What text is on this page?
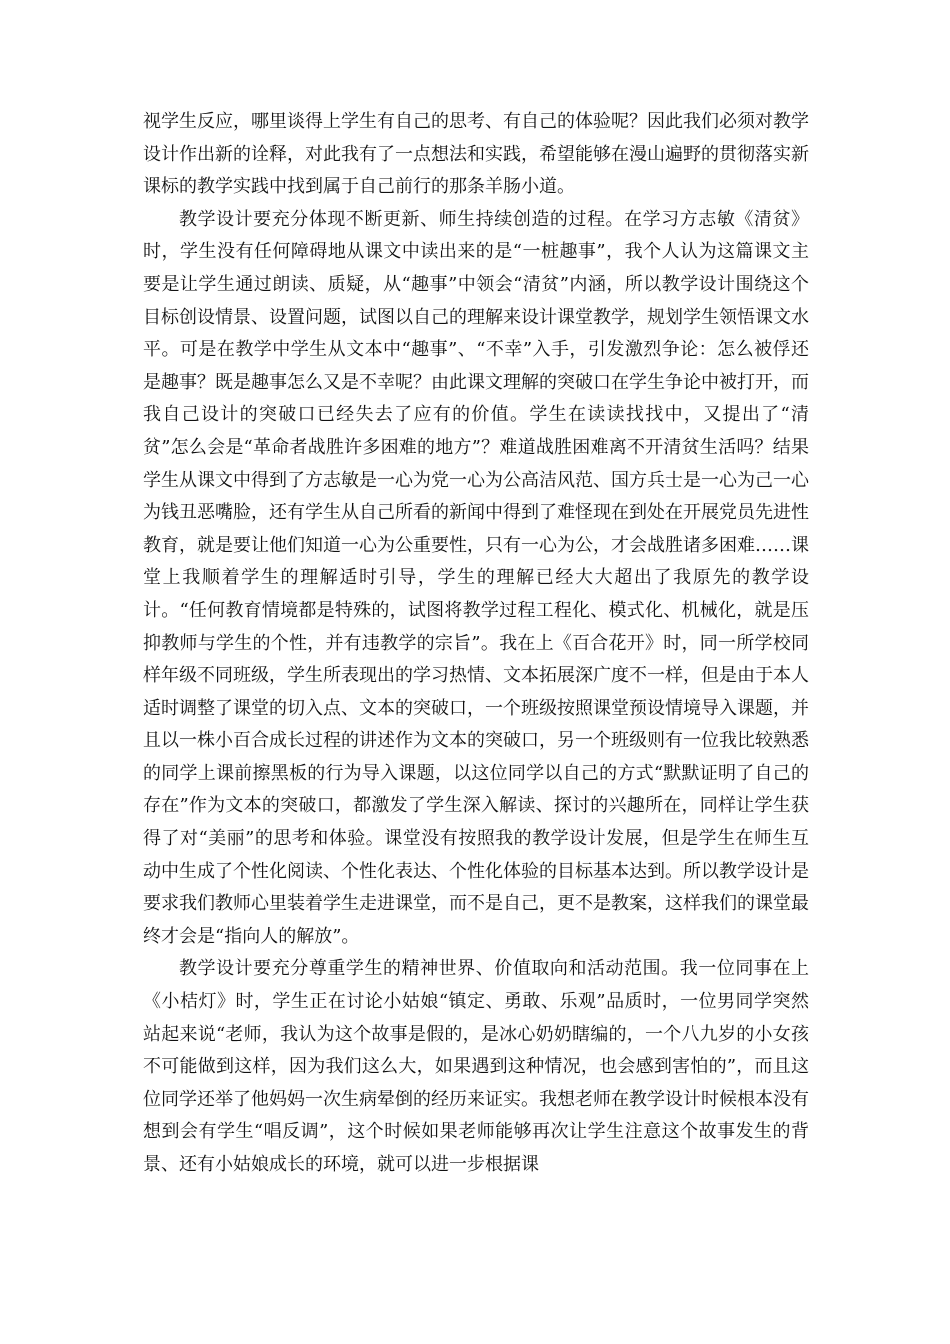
视学生反应，哪里谈得上学生有自己的思考、有自己的体验呢？因此我们必须对教学设计作出新的诠释，对此我有了一点想法和实践，希望能够在漫山遍野的贯彻落实新课标的教学实践中找到属于自己前行的那条羊肠小道。

教学设计要充分体现不断更新、师生持续创造的过程。在学习方志敏《清贫》时，学生没有任何障碍地从课文中读出来的是“一桩趣事”，我个人认为这篇课文主要是让学生通过朗读、质疑，从“趣事”中领会“清贫”内涵，所以教学设计围绕这个目标创设情景、设置问题，试图以自己的理解来设计课堂教学，规划学生领悟课文水平。可是在教学中学生从文本中“趣事”、“不幸”入手，引发激烈争论：怎么被俘还是趣事？既是趣事怎么又是不幸呢？由此课文理解的突破口在学生争论中被打开，而我自己设计的突破口已经失去了应有的价值。学生在读读找找中，又提出了“清贫”怎么会是“革命者战胜许多困难的地方”？难道战胜困难离不开清贫生活吗？结果学生从课文中得到了方志敏是一心为党一心为公高洁风范、国方兵士是一心为己一心为钱丑恶嘴脸，还有学生从自己所看的新闻中得到了难怪现在到处在开展党员先进性教育，就是要让他们知道一心为公重要性，只有一心为公，才会战胜诸多困难……课堂上我顺着学生的理解适时引导，学生的理解已经大大超出了我原先的教学设计。“任何教育情境都是特殊的，试图将教学过程工程化、模式化、机械化，就是压抑教师与学生的个性，并有违教学的宗旨”。我在上《百合花开》时，同一所学校同样年级不同班级，学生所表现出的学习热情、文本拓展深广度不一样，但是由于本人适时调整了课堂的切入点、文本的突破口，一个班级按照课堂预设情境导入课题，并且以一株小百合成长过程的讲述作为文本的突破口，另一个班级则有一位我比较熟悉的同学上课前擦黑板的行为导入课题，以这位同学以自己的方式“默默证明了自己的存在”作为文本的突破口，都激发了学生深入解读、探讨的兴趣所在，同样让学生获得了对“美丽”的思考和体验。课堂没有按照我的教学设计发展，但是学生在师生互动中生成了个性化阅读、个性化表达、个性化体验的目标基本达到。所以教学设计是要求我们教师心里装着学生走进课堂，而不是自己，更不是教案，这样我们的课堂最终才会是“指向人的解放”。

教学设计要充分尊重学生的精神世界、价值取向和活动范围。我一位同事在上《小桔灯》时，学生正在讨论小姑娘“镇定、勇敢、乐观”品质时，一位男同学突然站起来说“老师，我认为这个故事是假的，是冰心奶奶瞎编的，一个八九岁的小女孩不可能做到这样，因为我们这么大，如果遇到这种情况，也会感到害怕的”，而且这位同学还举了他妈妈一次生病晕倒的经历来证实。我想老师在教学设计时候根本没有想到会有学生“唱反调”，这个时候如果老师能够再次让学生注意这个故事发生的背景、还有小姑娘成长的环境，就可以进一步根据课
